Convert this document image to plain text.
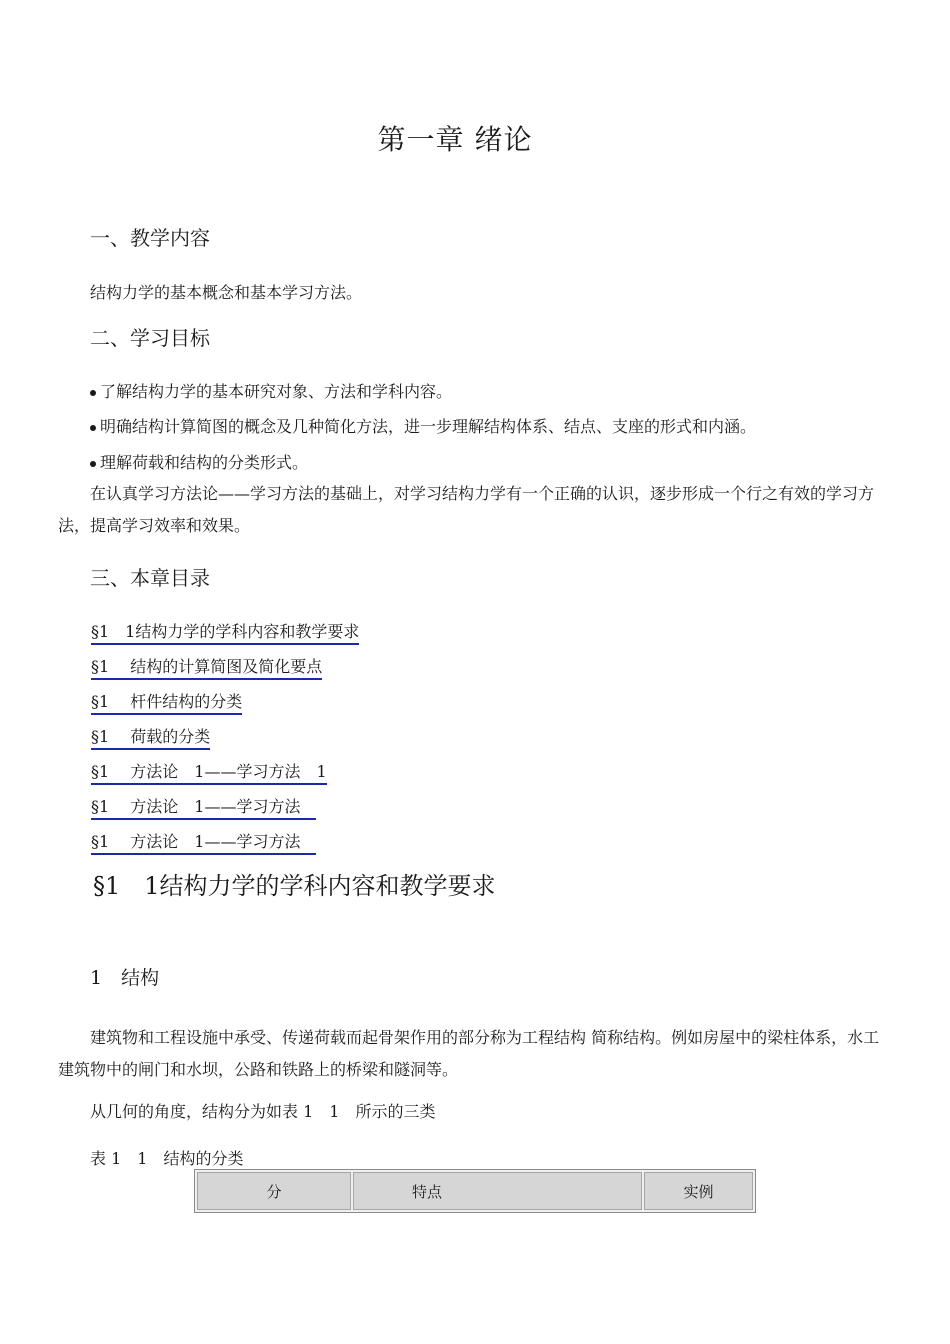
第一章 绪论
一、教学内容
结构力学的基本概念和基本学习方法。
二、学习目标
了解结构力学的基本研究对象、方法和学科内容。
明确结构计算简图的概念及几种简化方法，进一步理解结构体系、结点、支座的形式和内涵。
理解荷载和结构的分类形式。
在认真学习方法论——学习方法的基础上，对学习结构力学有一个正确的认识，逐步形成一个行之有效的学习方法，提高学习效率和效果。
三、本章目录
§1　1结构力学的学科内容和教学要求
§1　 结构的计算简图及简化要点
§1　 杆件结构的分类
§1　 荷载的分类
§1　 方法论　1——学习方法　1
§1　 方法论　1——学习方法　
§1　 方法论　1——学习方法　
§1　1结构力学的学科内容和教学要求
1　结构
建筑物和工程设施中承受、传递荷载而起骨架作用的部分称为工程结构 简称结构。例如房屋中的梁柱体系，水工建筑物中的闸门和水坝，公路和铁路上的桥梁和隧洞等。
从几何的角度，结构分为如表 1　1　所示的三类
表 1　1　结构的分类
分	特点	实例
